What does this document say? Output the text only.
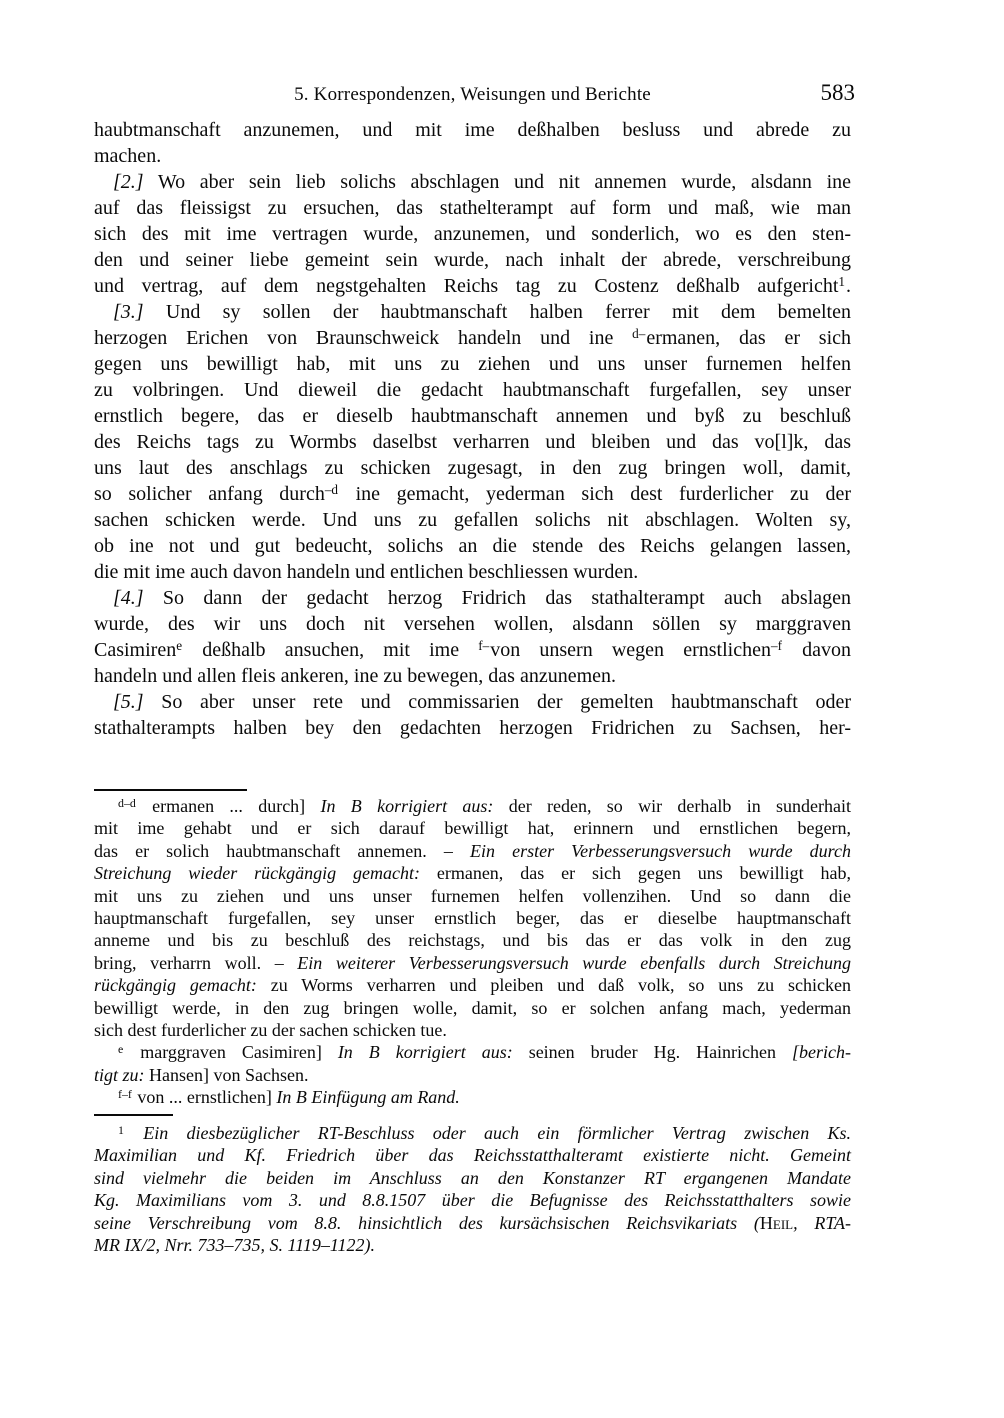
5. Korrespondenzen, Weisungen und Berichte	583
haubtmanschaft anzunemen, und mit ime deßhalben besluss und abrede zu
machen.
[2.] Wo aber sein lieb solichs abschlagen und nit annemen wurde, alsdann ine
auf das fleissigst zu ersuchen, das stathelterampt auf form und maß, wie man
sich des mit ime vertragen wurde, anzunemen, und sonderlich, wo es den sten-
den und seiner liebe gemeint sein wurde, nach inhalt der abrede, verschreibung
und vertrag, auf dem negstgehalten Reichs tag zu Costenz deßhalb aufgericht$^1$.
[3.] Und sy sollen der haubtmanschaft halben ferrer mit dem bemelten
herzogen Erichen von Braunschweick handeln und ine $^{d-}$ermanen, das er sich
gegen uns bewilligt hab, mit uns zu ziehen und uns unser furnemen helfen
zu volbringen. Und dieweil die gedacht haubtmanschaft furgefallen, sey unser
ernstlich begere, das er dieselb haubtmanschaft annemen und byß zu beschluß
des Reichs tags zu Wormbs daselbst verharren und bleiben und das vo[l]k, das
uns laut des anschlags zu schicken zugesagt, in den zug bringen woll, damit,
so solicher anfang durch$^{-d}$ ine gemacht, yederman sich dest furderlicher zu der
sachen schicken werde. Und uns zu gefallen solichs nit abschlagen. Wolten sy,
ob ine not und gut bedeucht, solichs an die stende des Reichs gelangen lassen,
die mit ime auch davon handeln und entlichen beschliessen wurden.
[4.] So dann der gedacht herzog Fridrich das stathalterampt auch abslagen
wurde, des wir uns doch nit versehen wollen, alsdann söllen sy marggraven
Casimiren$^e$ deßhalb ansuchen, mit ime $^{f-}$von unsern wegen ernstlichen$^{-f}$ davon
handeln und allen fleis ankeren, ine zu bewegen, das anzunemen.
[5.] So aber unser rete und commissarien der gemelten haubtmanschaft oder
stathalterampts halben bey den gedachten herzogen Fridrichen zu Sachsen, her-
$^{d-d}$ ermanen ... durch] In B korrigiert aus: der reden, so wir derhalb in sunderhait
mit ime gehabt und er sich darauf bewilligt hat, erinnern und ernstlichen begern,
das er solich haubtmanschaft annemen. – Ein erster Verbesserungsversuch wurde durch
Streichung wieder rückgängig gemacht: ermanen, das er sich gegen uns bewilligt hab,
mit uns zu ziehen und uns unser furnemen helfen vollenzihen. Und so dann die
hauptmanschaft furgefallen, sey unser ernstlich beger, das er dieselbe hauptmanschaft
anneme und bis zu beschluß des reichstags, und bis das er das volk in den zug
bring, verharrn woll. – Ein weiterer Verbesserungsversuch wurde ebenfalls durch Streichung
rückgängig gemacht: zu Worms verharren und pleiben und daß volk, so uns zu schicken
bewilligt werde, in den zug bringen wolle, damit, so er solchen anfang mach, yederman
sich dest furderlicher zu der sachen schicken tue.
$^e$ marggraven Casimiren] In B korrigiert aus: seinen bruder Hg. Hainrichen [berich-
tigt zu: Hansen] von Sachsen.
$^{f-f}$ von ... ernstlichen] In B Einfügung am Rand.
$^1$ Ein diesbezüglicher RT-Beschluss oder auch ein förmlicher Vertrag zwischen Ks.
Maximilian und Kf. Friedrich über das Reichsstatthalteramt existierte nicht. Gemeint
sind vielmehr die beiden im Anschluss an den Konstanzer RT ergangenen Mandate
Kg. Maximilians vom 3. und 8.8.1507 über die Befugnisse des Reichsstatthalters sowie
seine Verschreibung vom 8.8. hinsichtlich des kursächsischen Reichsvikariats (Heil, RTA-
MR IX/2, Nrr. 733–735, S. 1119–1122).
